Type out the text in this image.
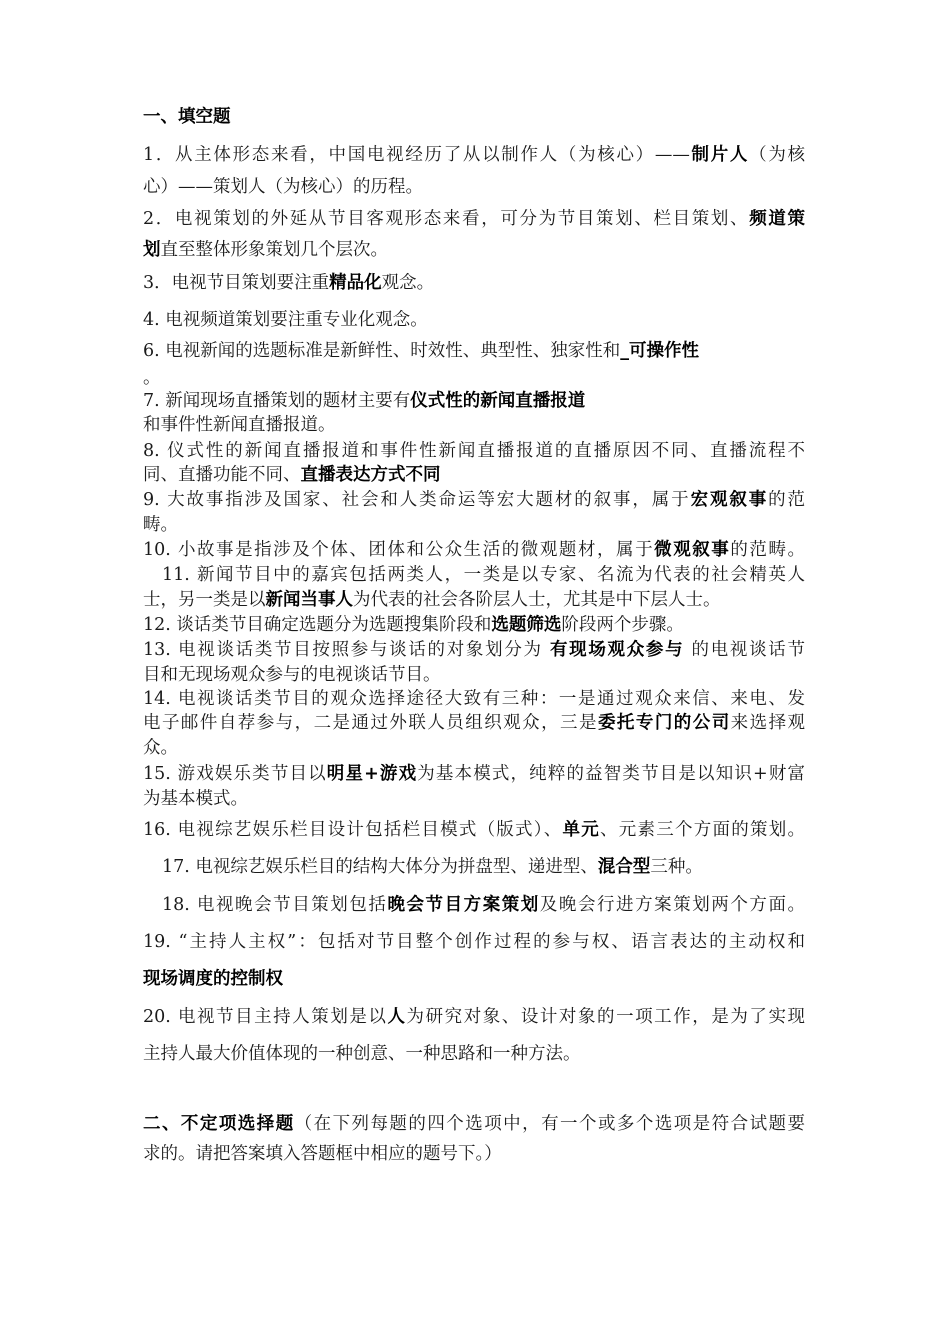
一、填空题
1．从主体形态来看，中国电视经历了从以制作人（为核心）——制片人（为核
心）——策划人（为核心）的历程。
2．电视策划的外延从节目客观形态来看，可分为节目策划、栏目策划、频道策
划直至整体形象策划几个层次。
3．电视节目策划要注重精品化观念。
4. 电视频道策划要注重专业化观念。
6. 电视新闻的选题标准是新鲜性、时效性、典型性、独家性和_可操作性
。
7. 新闻现场直播策划的题材主要有仪式性的新闻直播报道
和事件性新闻直播报道。
8. 仪式性的新闻直播报道和事件性新闻直播报道的直播原因不同、直播流程不
同、直播功能不同、直播表达方式不同
9. 大故事指涉及国家、社会和人类命运等宏大题材的叙事，属于宏观叙事的范
畴。
10. 小故事是指涉及个体、团体和公众生活的微观题材，属于微观叙事的范畴。
11. 新闻节目中的嘉宾包括两类人，一类是以专家、名流为代表的社会精英人
士，另一类是以新闻当事人为代表的社会各阶层人士，尤其是中下层人士。
12. 谈话类节目确定选题分为选题搜集阶段和选题筛选阶段两个步骤。
13. 电视谈话类节目按照参与谈话的对象划分为 有现场观众参与 的电视谈话节
目和无现场观众参与的电视谈话节目。
14. 电视谈话类节目的观众选择途径大致有三种：一是通过观众来信、来电、发
电子邮件自荐参与，二是通过外联人员组织观众，三是委托专门的公司来选择观
众。
15. 游戏娱乐类节目以明星+游戏为基本模式，纯粹的益智类节目是以知识+财富
为基本模式。
16. 电视综艺娱乐栏目设计包括栏目模式（版式）、单元、元素三个方面的策划。
17. 电视综艺娱乐栏目的结构大体分为拼盘型、递进型、混合型三种。
18. 电视晚会节目策划包括晚会节目方案策划及晚会行进方案策划两个方面。
19. “主持人主权”：包括对节目整个创作过程的参与权、语言表达的主动权和
现场调度的控制权
20. 电视节目主持人策划是以人为研究对象、设计对象的一项工作，是为了实现
主持人最大价值体现的一种创意、一种思路和一种方法。
二、不定项选择题（在下列每题的四个选项中，有一个或多个选项是符合试题要
求的。请把答案填入答题框中相应的题号下。）
